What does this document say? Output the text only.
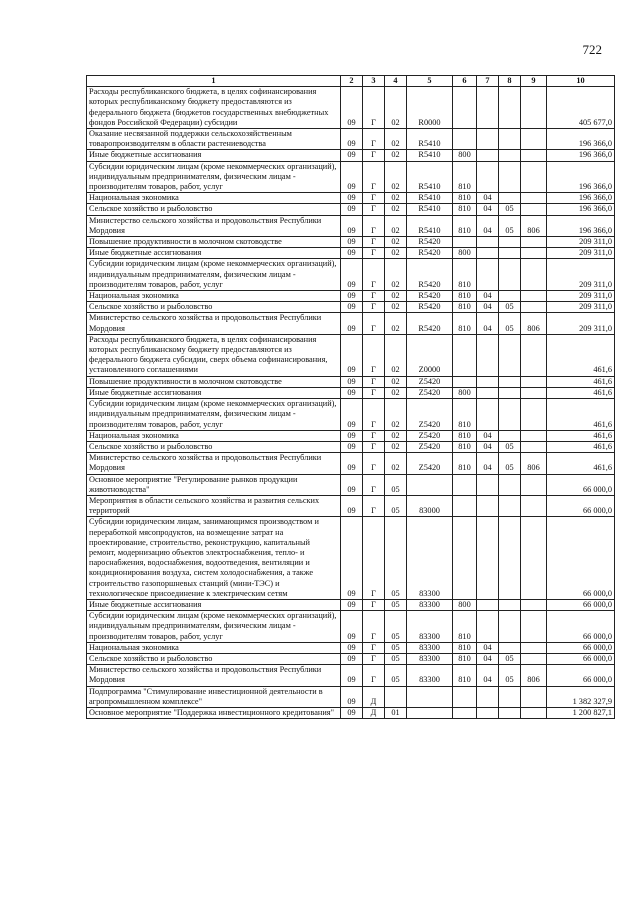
722
1	2	3	4	5	6	7	8	9	10
Расходы республиканского бюджета, в целях софинансирования которых республиканскому бюджету предоставляются из федерального бюджета (бюджетов государственных внебюджетных фондов Российской Федерации) субсидии	09	Г	02	R0000					405 677,0
Оказание несвязанной поддержки сельскохозяйственным товаропроизводителям в области растениеводства	09	Г	02	R5410					196 366,0
Иные бюджетные ассигнования	09	Г	02	R5410	800				196 366,0
Субсидии юридическим лицам (кроме некоммерческих организаций), индивидуальным предпринимателям, физическим лицам - производителям товаров, работ, услуг	09	Г	02	R5410	810				196 366,0
Национальная экономика	09	Г	02	R5410	810	04			196 366,0
Сельское хозяйство и рыболовство	09	Г	02	R5410	810	04	05		196 366,0
Министерство сельского хозяйства и продовольствия Республики Мордовия	09	Г	02	R5410	810	04	05	806	196 366,0
Повышение продуктивности в молочном скотоводстве	09	Г	02	R5420					209 311,0
Иные бюджетные ассигнования	09	Г	02	R5420	800				209 311,0
Субсидии юридическим лицам (кроме некоммерческих организаций), индивидуальным предпринимателям, физическим лицам - производителям товаров, работ, услуг	09	Г	02	R5420	810				209 311,0
Национальная экономика	09	Г	02	R5420	810	04			209 311,0
Сельское хозяйство и рыболовство	09	Г	02	R5420	810	04	05		209 311,0
Министерство сельского хозяйства и продовольствия Республики Мордовия	09	Г	02	R5420	810	04	05	806	209 311,0
Расходы республиканского бюджета, в целях софинансирования которых республиканскому бюджету предоставляются из федерального бюджета субсидии, сверх объема софинансирования, установленного соглашениями	09	Г	02	Z0000					461,6
Повышение продуктивности в молочном скотоводстве	09	Г	02	Z5420					461,6
Иные бюджетные ассигнования	09	Г	02	Z5420	800				461,6
Субсидии юридическим лицам (кроме некоммерческих организаций), индивидуальным предпринимателям, физическим лицам - производителям товаров, работ, услуг	09	Г	02	Z5420	810				461,6
Национальная экономика	09	Г	02	Z5420	810	04			461,6
Сельское хозяйство и рыболовство	09	Г	02	Z5420	810	04	05		461,6
Министерство сельского хозяйства и продовольствия Республики Мордовия	09	Г	02	Z5420	810	04	05	806	461,6
Основное мероприятие "Регулирование рынков продукции животноводства"	09	Г	05						66 000,0
Мероприятия в области сельского хозяйства и развития сельских территорий	09	Г	05	83000					66 000,0
Субсидии юридическим лицам, занимающимся производством и переработкой мясопродуктов, на возмещение затрат на проектирование, строительство, реконструкцию, капитальный ремонт, модернизацию объектов электроснабжения, тепло- и пароснабжения, водоснабжения, водоотведения, вентиляции и кондиционирования воздуха, систем холодоснабжения, а также строительство газопоршневых станций (мини-ТЭС) и технологическое присоединение к электрическим сетям	09	Г	05	83300					66 000,0
Иные бюджетные ассигнования	09	Г	05	83300	800				66 000,0
Субсидии юридическим лицам (кроме некоммерческих организаций), индивидуальным предпринимателям, физическим лицам - производителям товаров, работ, услуг	09	Г	05	83300	810				66 000,0
Национальная экономика	09	Г	05	83300	810	04			66 000,0
Сельское хозяйство и рыболовство	09	Г	05	83300	810	04	05		66 000,0
Министерство сельского хозяйства и продовольствия Республики Мордовия	09	Г	05	83300	810	04	05	806	66 000,0
Подпрограмма "Стимулирование инвестиционной деятельности в агропромышленном комплексе"	09	Д							1 382 327,9
Основное мероприятие "Поддержка инвестиционного кредитования"	09	Д	01						1 200 827,1
